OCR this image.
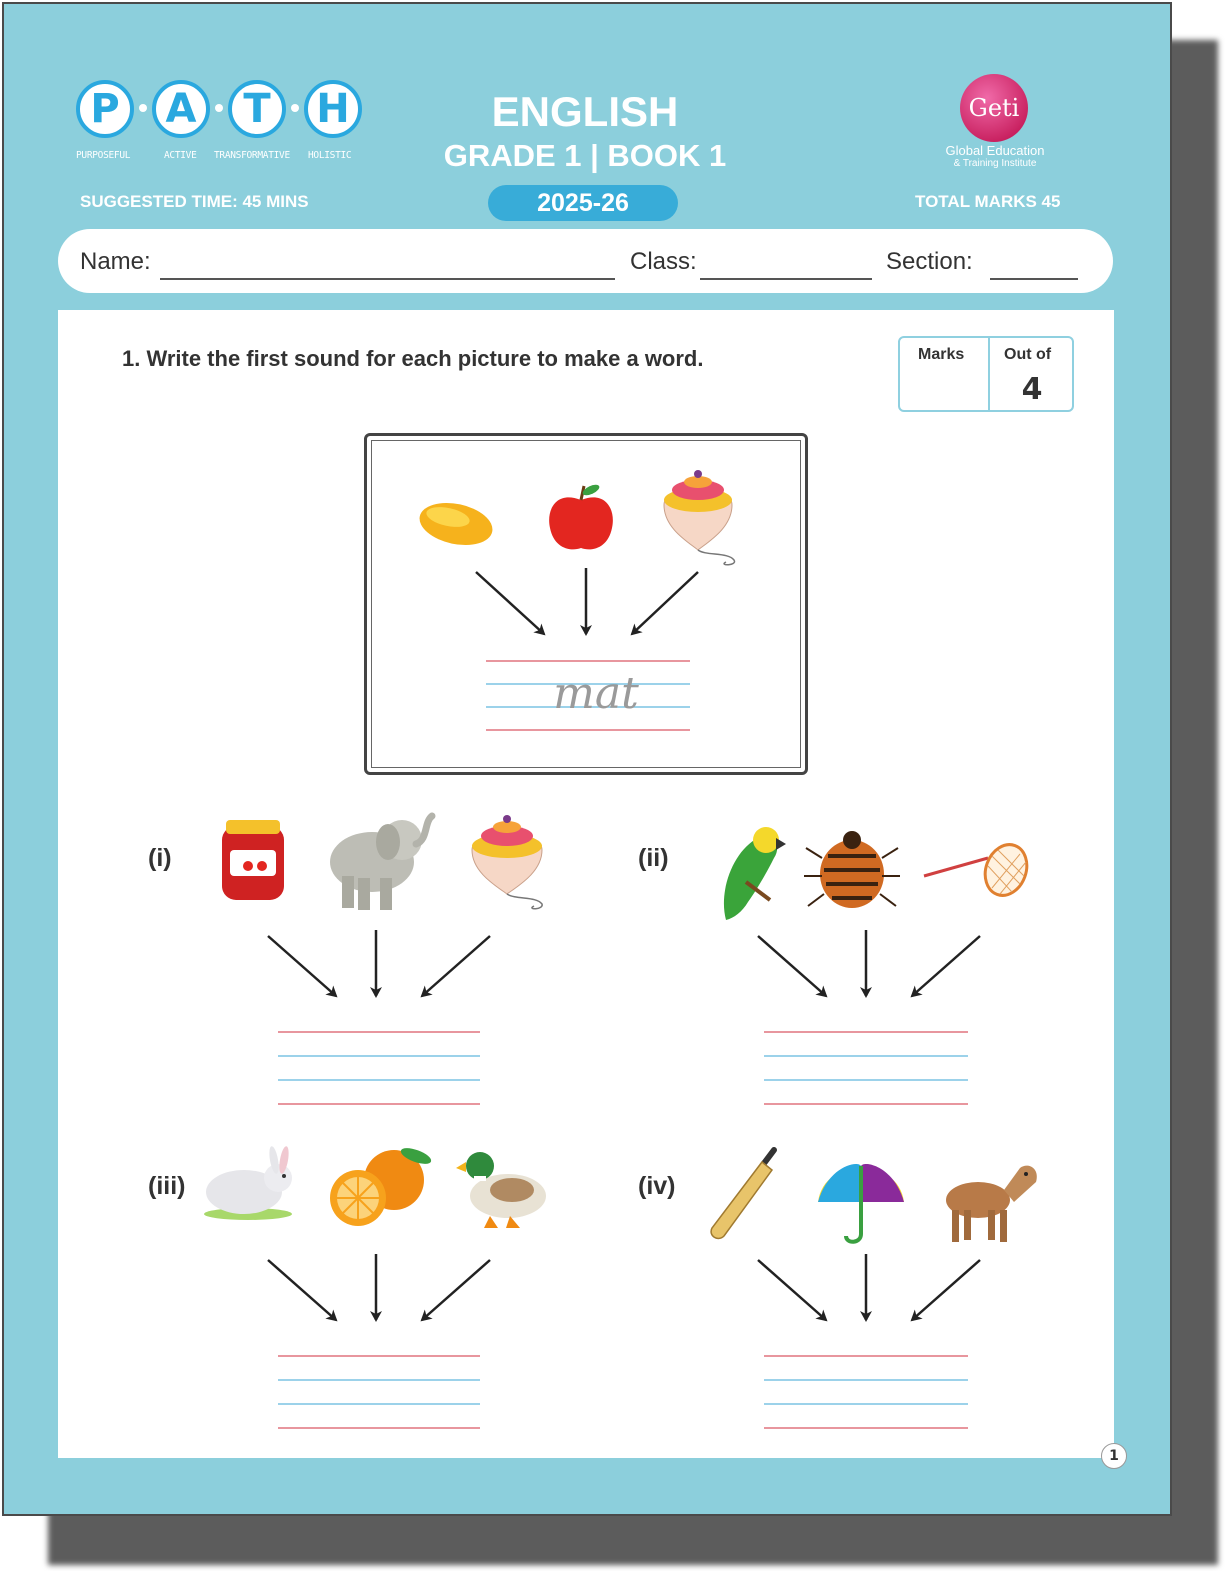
P	A	T	H
PURPOSEFUL	ACTIVE TRANSFORMATIVE HOLISTIC
ENGLISH
GRADE 1 | BOOK 1
2025-26
SUGGESTED TIME: 45 MINS	TOTAL MARKS 45
Geti
Global Education
& Training Institute
Name:	Class:	Section:
1. Write the first sound for each picture to make a word.	Marks Out of
4
mat
(i)	(ii)
(iii)	(iv)
1
